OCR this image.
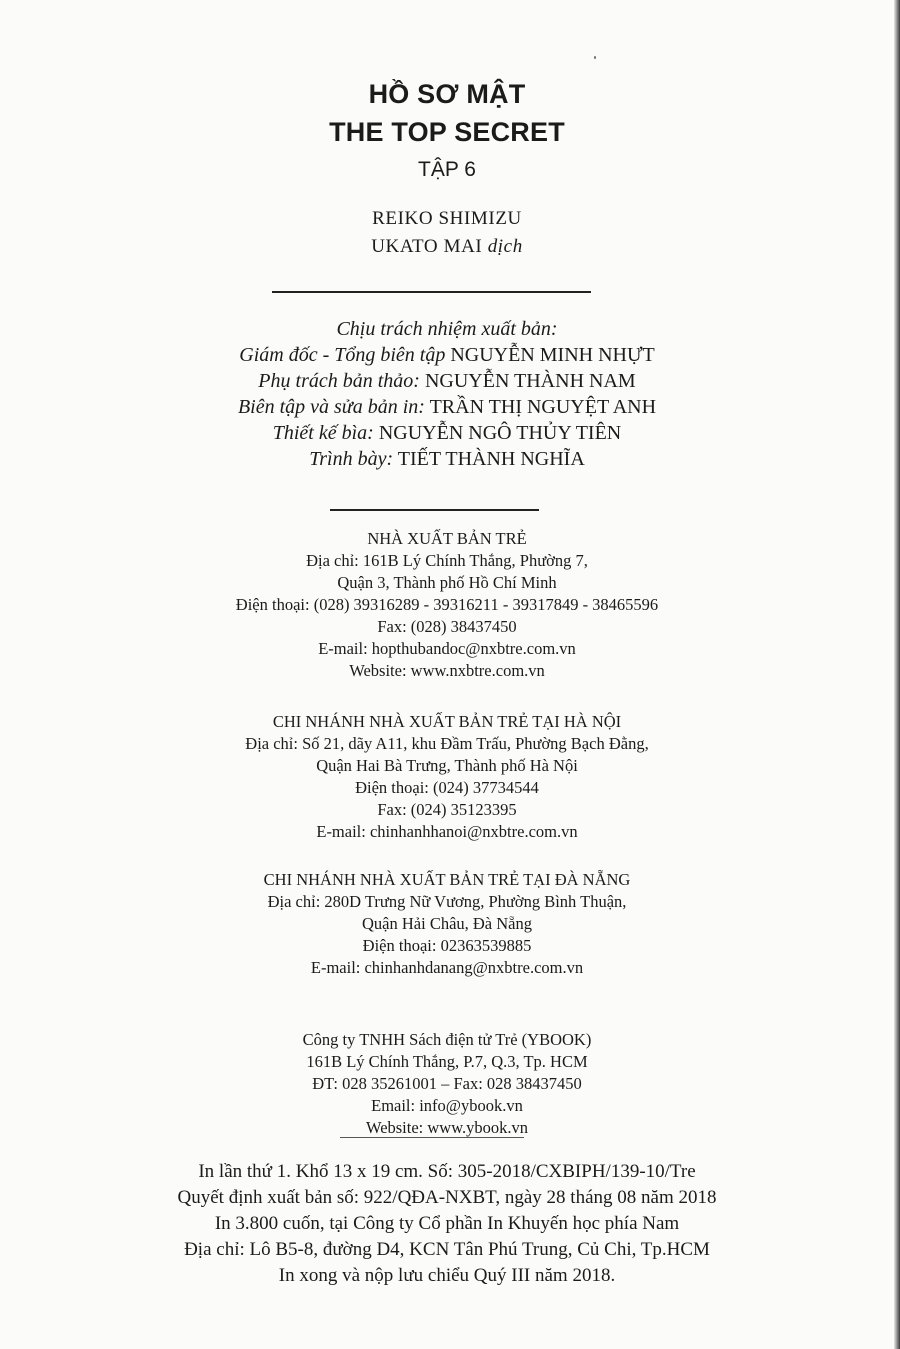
HỒ SƠ MẬT
THE TOP SECRET
TẬP 6
REIKO SHIMIZU
UKATO MAI dịch
Chịu trách nhiệm xuất bản:
Giám đốc - Tổng biên tập NGUYỄN MINH NHỰT
Phụ trách bản thảo: NGUYỄN THÀNH NAM
Biên tập và sửa bản in: TRẦN THỊ NGUYỆT ANH
Thiết kế bìa: NGUYỄN NGÔ THỦY TIÊN
Trình bày: TIẾT THÀNH NGHĨA
NHÀ XUẤT BẢN TRẺ
Địa chỉ: 161B Lý Chính Thắng, Phường 7,
Quận 3, Thành phố Hồ Chí Minh
Điện thoại: (028) 39316289 - 39316211 - 39317849 - 38465596
Fax: (028) 38437450
E-mail: hopthubandoc@nxbtre.com.vn
Website: www.nxbtre.com.vn
CHI NHÁNH NHÀ XUẤT BẢN TRẺ TẠI HÀ NỘI
Địa chỉ: Số 21, dãy A11, khu Đầm Trấu, Phường Bạch Đằng,
Quận Hai Bà Trưng, Thành phố Hà Nội
Điện thoại: (024) 37734544
Fax: (024) 35123395
E-mail: chinhanhhanoi@nxbtre.com.vn
CHI NHÁNH NHÀ XUẤT BẢN TRẺ TẠI ĐÀ NẴNG
Địa chỉ: 280D Trưng Nữ Vương, Phường Bình Thuận,
Quận Hải Châu, Đà Nẵng
Điện thoại: 02363539885
E-mail: chinhanhdanang@nxbtre.com.vn
Công ty TNHH Sách điện tử Trẻ (YBOOK)
161B Lý Chính Thắng, P.7, Q.3, Tp. HCM
ĐT: 028 35261001 – Fax: 028 38437450
Email: info@ybook.vn
Website: www.ybook.vn
In lần thứ 1. Khổ 13 x 19 cm. Số: 305-2018/CXBIPH/139-10/Tre
Quyết định xuất bản số: 922/QĐA-NXBT, ngày 28 tháng 08 năm 2018
In 3.800 cuốn, tại Công ty Cổ phần In Khuyến học phía Nam
Địa chỉ: Lô B5-8, đường D4, KCN Tân Phú Trung, Củ Chi, Tp.HCM
In xong và nộp lưu chiểu Quý III năm 2018.
